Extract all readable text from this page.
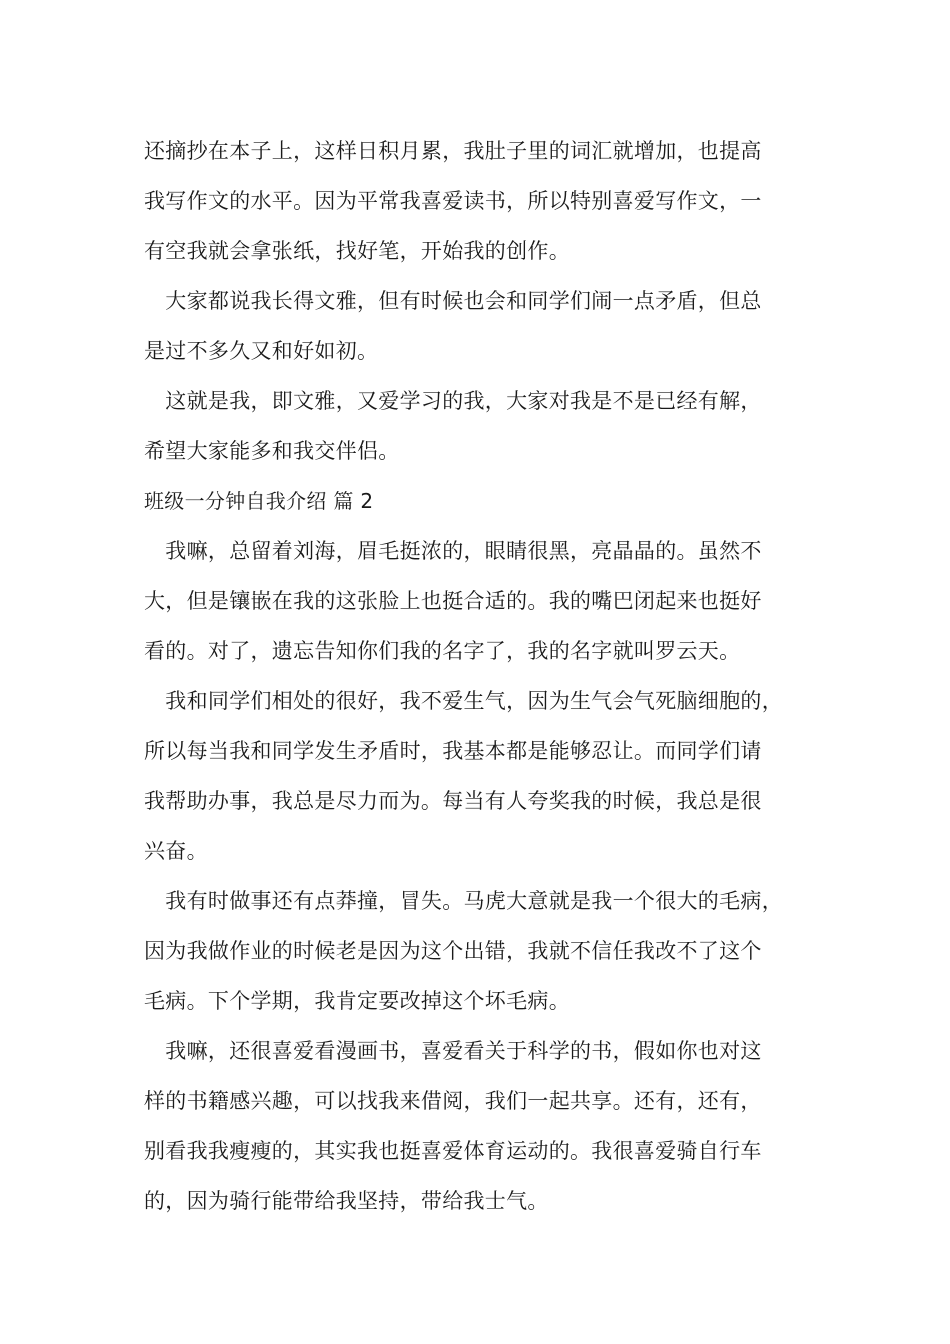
还摘抄在本子上，这样日积月累，我肚子里的词汇就增加，也提高
我写作文的水平。因为平常我喜爱读书，所以特别喜爱写作文，一
有空我就会拿张纸，找好笔，开始我的创作。
　大家都说我长得文雅，但有时候也会和同学们闹一点矛盾，但总
是过不多久又和好如初。
　这就是我，即文雅，又爱学习的我，大家对我是不是已经有解，
希望大家能多和我交伴侣。
班级一分钟自我介绍 篇 2
　我嘛，总留着刘海，眉毛挺浓的，眼睛很黑，亮晶晶的。虽然不
大，但是镶嵌在我的这张脸上也挺合适的。我的嘴巴闭起来也挺好
看的。对了，遗忘告知你们我的名字了，我的名字就叫罗云天。
　我和同学们相处的很好，我不爱生气，因为生气会气死脑细胞的，
所以每当我和同学发生矛盾时，我基本都是能够忍让。而同学们请
我帮助办事，我总是尽力而为。每当有人夸奖我的时候，我总是很
兴奋。
　我有时做事还有点莽撞，冒失。马虎大意就是我一个很大的毛病，
因为我做作业的时候老是因为这个出错，我就不信任我改不了这个
毛病。下个学期，我肯定要改掉这个坏毛病。
　我嘛，还很喜爱看漫画书，喜爱看关于科学的书，假如你也对这
样的书籍感兴趣，可以找我来借阅，我们一起共享。还有，还有，
别看我我瘦瘦的，其实我也挺喜爱体育运动的。我很喜爱骑自行车
的，因为骑行能带给我坚持，带给我士气。
